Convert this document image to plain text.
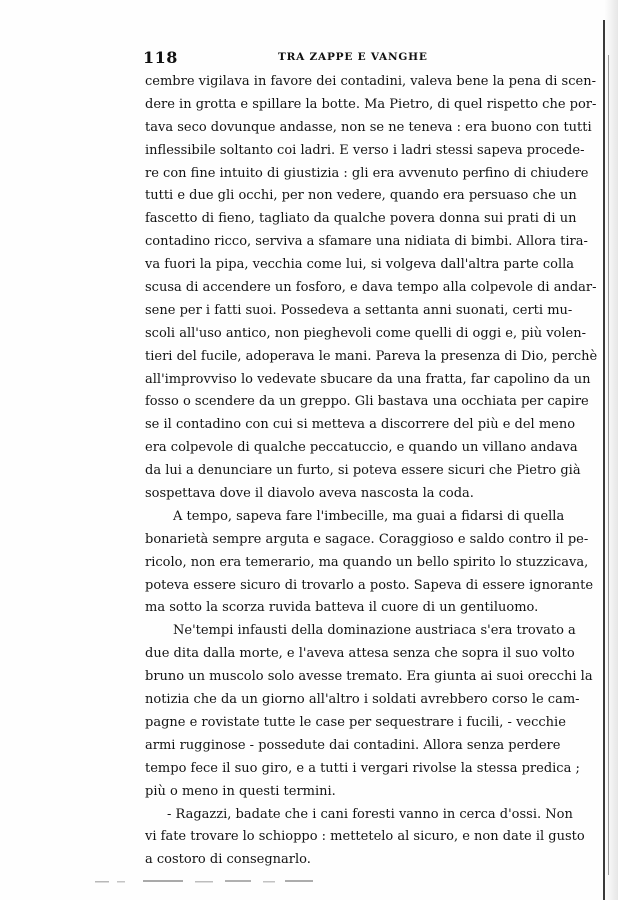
118	TRA ZAPPE E VANGHE
cembre vigilava in favore dei contadini, valeva bene la pena di scen-
dere in grotta e spillare la botte. Ma Pietro, di quel rispetto che por-
tava seco dovunque andasse, non se ne teneva : era buono con tutti
inflessibile soltanto coi ladri. E verso i ladri stessi sapeva procede-
re con fine intuito di giustizia : gli era avvenuto perfino di chiudere
tutti e due gli occhi, per non vedere, quando era persuaso che un
fascetto di fieno, tagliato da qualche povera donna sui prati di un
contadino ricco, serviva a sfamare una nidiata di bimbi. Allora tira-
va fuori la pipa, vecchia come lui, si volgeva dall'altra parte colla
scusa di accendere un fosforo, e dava tempo alla colpevole di andar-
sene per i fatti suoi. Possedeva a settanta anni suonati, certi mu-
scoli all'uso antico, non pieghevoli come quelli di oggi e, più volen-
tieri del fucile, adoperava le mani. Pareva la presenza di Dio, perchè
all'improvviso lo vedevate sbucare da una fratta, far capolino da un
fosso o scendere da un greppo. Gli bastava una occhiata per capire
se il contadino con cui si metteva a discorrere del più e del meno
era colpevole di qualche peccatuccio, e quando un villano andava
da lui a denunciare un furto, si poteva essere sicuri che Pietro già
sospettava dove il diavolo aveva nascosta la coda.
A tempo, sapeva fare l'imbecille, ma guai a fidarsi di quella
bonarietà sempre arguta e sagace. Coraggioso e saldo contro il pe-
ricolo, non era temerario, ma quando un bello spirito lo stuzzicava,
poteva essere sicuro di trovarlo a posto. Sapeva di essere ignorante
ma sotto la scorza ruvida batteva il cuore di un gentiluomo.
Ne'tempi infausti della dominazione austriaca s'era trovato a
due dita dalla morte, e l'aveva attesa senza che sopra il suo volto
bruno un muscolo solo avesse tremato. Era giunta ai suoi orecchi la
notizia che da un giorno all'altro i soldati avrebbero corso le cam-
pagne e rovistate tutte le case per sequestrare i fucili, - vecchie
armi rugginose - possedute dai contadini. Allora senza perdere
tempo fece il suo giro, e a tutti i vergari rivolse la stessa predica ;
più o meno in questi termini.
- Ragazzi, badate che i cani foresti vanno in cerca d'ossi. Non
vi fate trovare lo schioppo : mettetelo al sicuro, e non date il gusto
a costoro di consegnarlo.
